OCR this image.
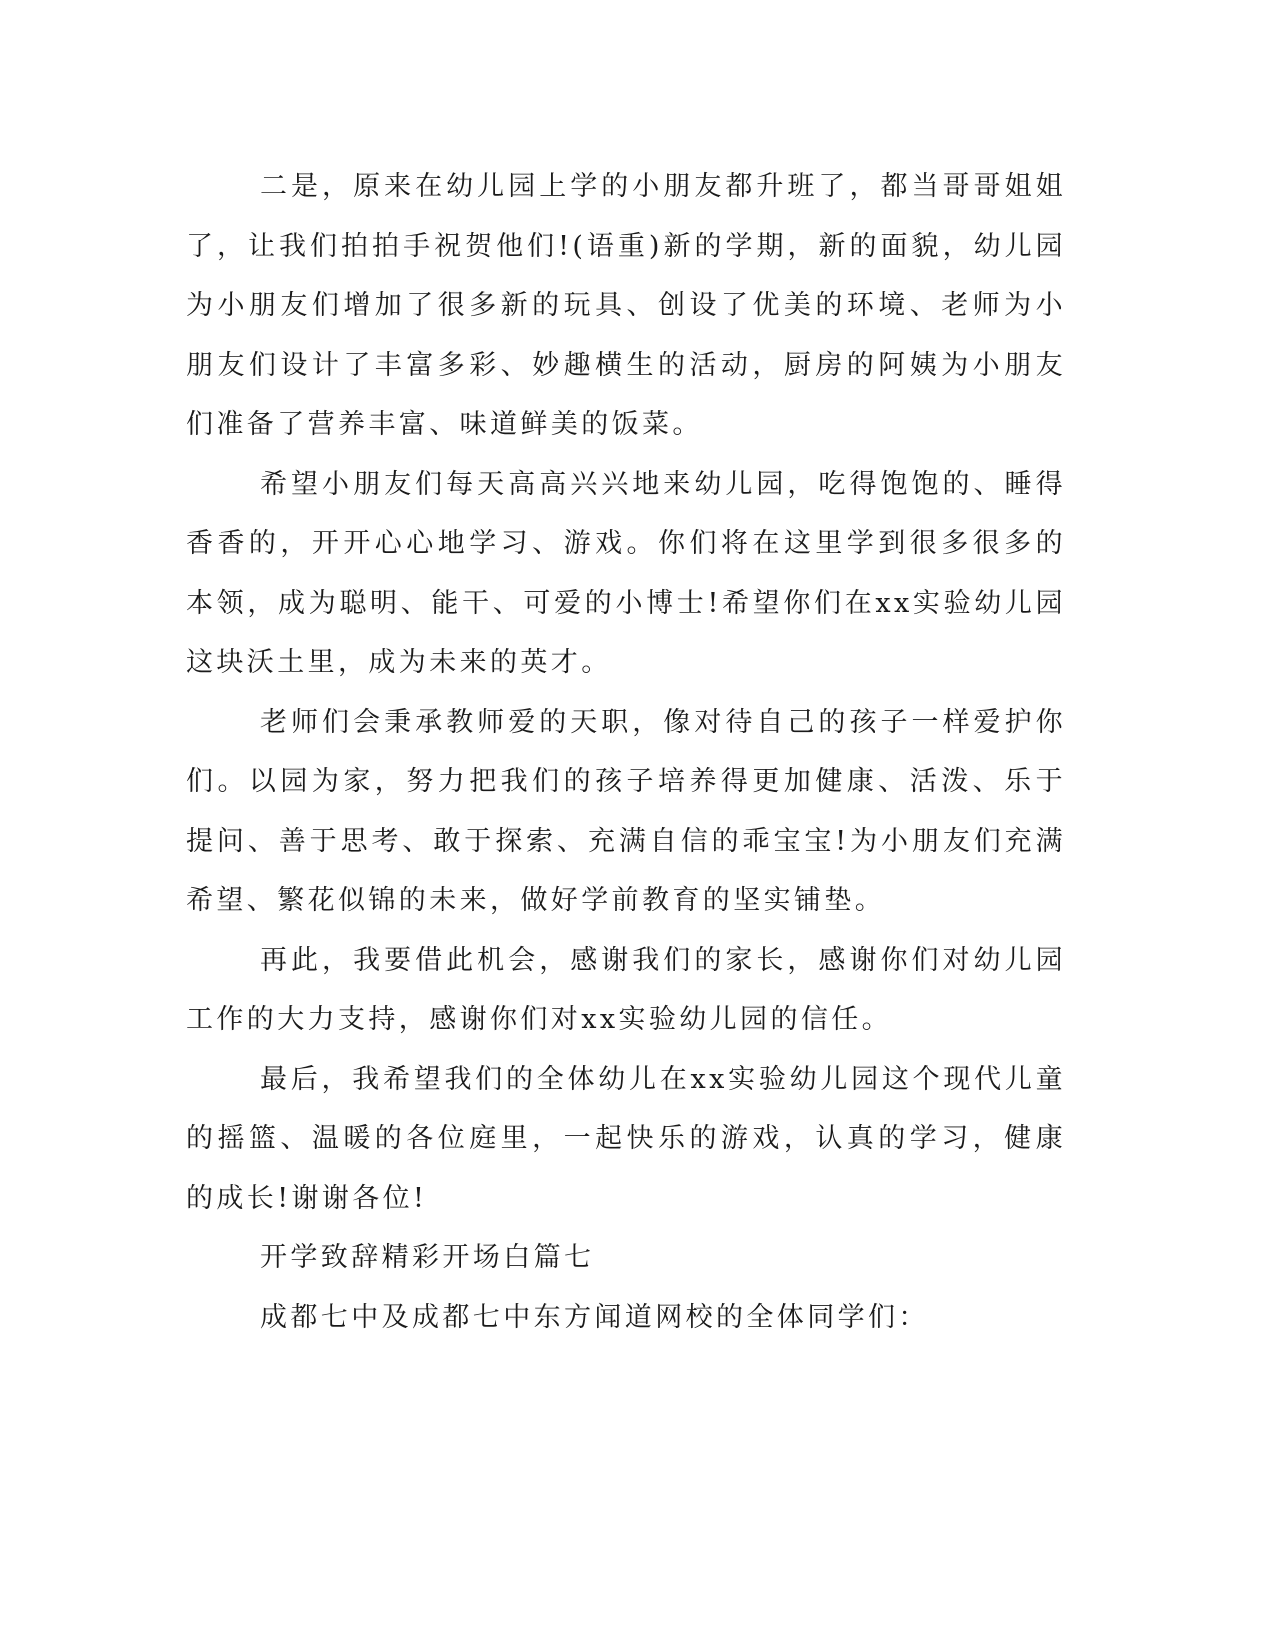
二是，原来在幼儿园上学的小朋友都升班了，都当哥哥姐姐了，让我们拍拍手祝贺他们!(语重)新的学期，新的面貌，幼儿园为小朋友们增加了很多新的玩具、创设了优美的环境、老师为小朋友们设计了丰富多彩、妙趣横生的活动，厨房的阿姨为小朋友们准备了营养丰富、味道鲜美的饭菜。

希望小朋友们每天高高兴兴地来幼儿园，吃得饱饱的、睡得香香的，开开心心地学习、游戏。你们将在这里学到很多很多的本领，成为聪明、能干、可爱的小博士!希望你们在xx实验幼儿园这块沃土里，成为未来的英才。

老师们会秉承教师爱的天职，像对待自己的孩子一样爱护你们。以园为家，努力把我们的孩子培养得更加健康、活泼、乐于提问、善于思考、敢于探索、充满自信的乖宝宝!为小朋友们充满希望、繁花似锦的未来，做好学前教育的坚实铺垫。

再此，我要借此机会，感谢我们的家长，感谢你们对幼儿园工作的大力支持，感谢你们对xx实验幼儿园的信任。

最后，我希望我们的全体幼儿在xx实验幼儿园这个现代儿童的摇篮、温暖的各位庭里，一起快乐的游戏，认真的学习，健康的成长!谢谢各位!

开学致辞精彩开场白篇七

成都七中及成都七中东方闻道网校的全体同学们：
